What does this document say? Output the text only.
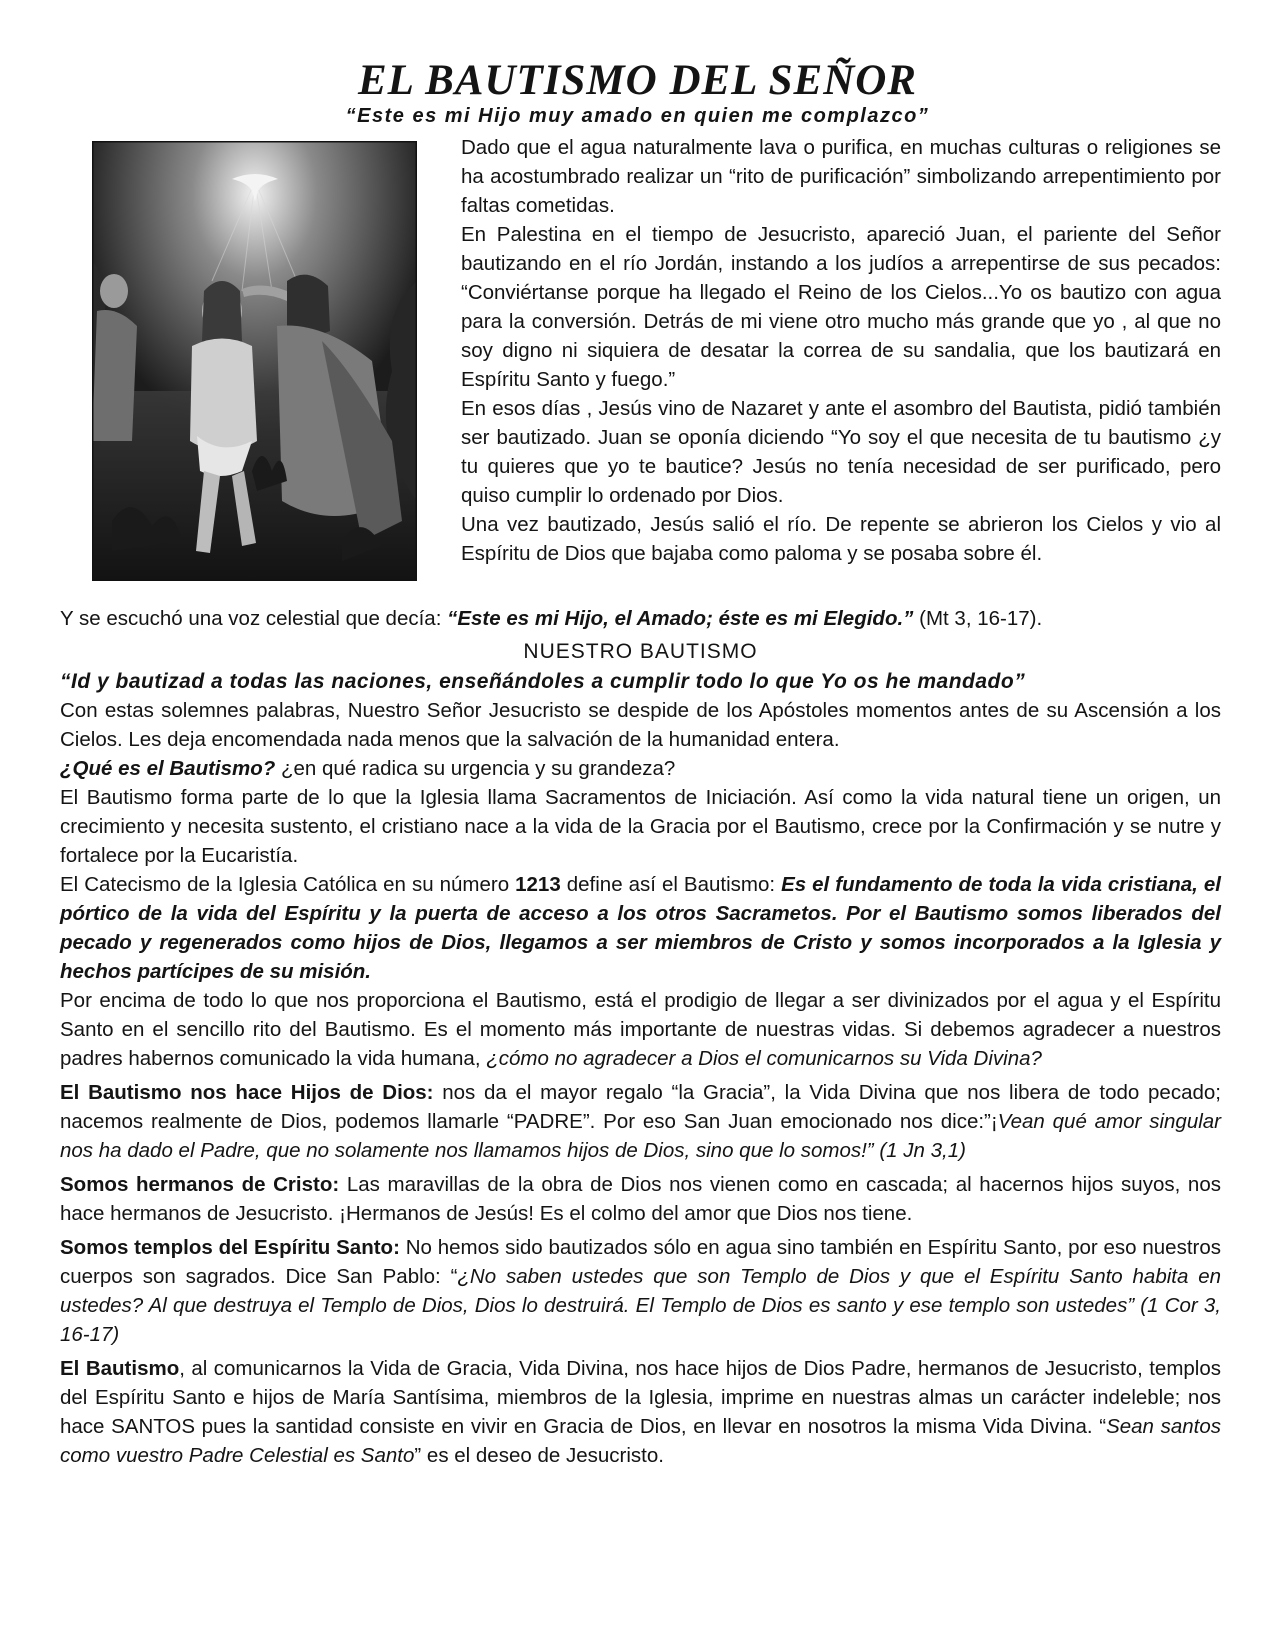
EL BAUTISMO DEL SEÑOR
“Este es mi Hijo muy amado en quien me complazco”

Dado que el agua naturalmente lava o purifica, en muchas culturas o religiones se ha acostumbrado realizar un “rito de purificación” simbolizando arrepentimiento por faltas cometidas.

En Palestina en el tiempo de Jesucristo, apareció Juan, el pariente del Señor bautizando en el río Jordán, instando a los judíos a arrepentirse de sus pecados: “Conviértanse porque ha llegado el Reino de los Cielos...Yo os bautizo con agua para la conversión. Detrás de mi viene otro mucho más grande que yo , al que no soy digno ni siquiera de desatar la correa de su sandalia, que los bautizará en Espíritu Santo y fuego.”

En esos días , Jesús vino de Nazaret y ante el asombro del Bautista, pidió también ser bautizado. Juan se oponía diciendo “Yo soy el que necesita de tu bautismo ¿y tu quieres que yo te bautice? Jesús no tenía necesidad de ser purificado, pero quiso cumplir lo ordenado por Dios.

Una vez bautizado, Jesús salió el río. De repente se abrieron los Cielos y vio al Espíritu de Dios que bajaba como paloma y se posaba sobre él.

Y se escuchó una voz celestial que decía: “Este es mi Hijo, el Amado; éste es mi Elegido.” (Mt 3, 16-17).

NUESTRO BAUTISMO
“Id y bautizad a todas las naciones, enseñándoles a cumplir todo lo que Yo os he mandado”

Con estas solemnes palabras, Nuestro Señor Jesucristo se despide de los Apóstoles momentos antes de su Ascensión a los Cielos. Les deja encomendada nada menos que la salvación de la humanidad entera.

¿Qué es el Bautismo? ¿en qué radica su urgencia y su grandeza?

El Bautismo forma parte de lo que la Iglesia llama Sacramentos de Iniciación. Así como la vida natural tiene un origen, un crecimiento y necesita sustento, el cristiano nace a la vida de la Gracia por el Bautismo, crece por la Confirmación y se nutre y fortalece por la Eucaristía.

El Catecismo de la Iglesia Católica en su número 1213 define así el Bautismo: Es el fundamento de toda la vida cristiana, el pórtico de la vida del Espíritu y la puerta de acceso a los otros Sacrametos. Por el Bautismo somos liberados del pecado y regenerados como hijos de Dios, llegamos a ser miembros de Cristo y somos incorporados a la Iglesia y hechos partícipes de su misión.

Por encima de todo lo que nos proporciona el Bautismo, está el prodigio de llegar a ser divinizados por el agua y el Espíritu Santo en el sencillo rito del Bautismo. Es el momento más importante de nuestras vidas. Si debemos agradecer a nuestros padres habernos comunicado la vida humana, ¿cómo no agradecer a Dios el comunicarnos su Vida Divina?

El Bautismo nos hace Hijos de Dios: nos da el mayor regalo “la Gracia”, la Vida Divina que nos libera de todo pecado; nacemos realmente de Dios, podemos llamarle “PADRE”. Por eso San Juan emocionado nos dice:”¡Vean qué amor singular nos ha dado el Padre, que no solamente nos llamamos hijos de Dios, sino que lo somos!” (1 Jn 3,1)

Somos hermanos de Cristo: Las maravillas de la obra de Dios nos vienen como en cascada; al hacernos hijos suyos, nos hace hermanos de Jesucristo. ¡Hermanos de Jesús! Es el colmo del amor que Dios nos tiene.

Somos templos del Espíritu Santo: No hemos sido bautizados sólo en agua sino también en Espíritu Santo, por eso nuestros cuerpos son sagrados. Dice San Pablo: “¿No saben ustedes que son Templo de Dios y que el Espíritu Santo habita en ustedes? Al que destruya el Templo de Dios, Dios lo destruirá. El Templo de Dios es santo y ese templo son ustedes” (1 Cor 3, 16-17)

El Bautismo, al comunicarnos la Vida de Gracia, Vida Divina, nos hace hijos de Dios Padre, hermanos de Jesucristo, templos del Espíritu Santo e hijos de María Santísima, miembros de la Iglesia, imprime en nuestras almas un carácter indeleble; nos hace SANTOS pues la santidad consiste en vivir en Gracia de Dios, en llevar en nosotros la misma Vida Divina. “Sean santos como vuestro Padre Celestial es Santo” es el deseo de Jesucristo.
